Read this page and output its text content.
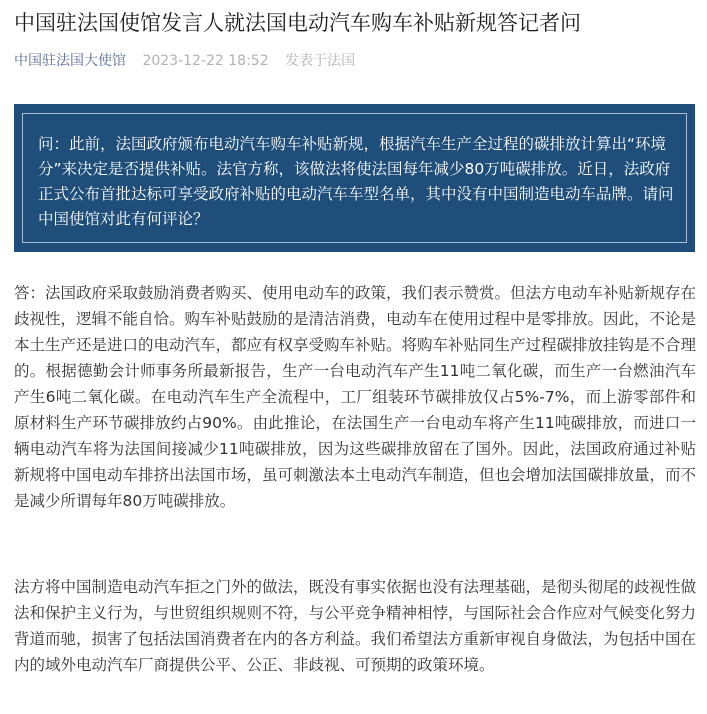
中国驻法国使馆发言人就法国电动汽车购车补贴新规答记者问
中国驻法国大使馆 2023-12-22 18:52 发表于法国

问：此前，法国政府颁布电动汽车购车补贴新规，根据汽车生产全过程的碳排放计算出“环境分”来决定是否提供补贴。法官方称，该做法将使法国每年减少80万吨碳排放。近日，法政府正式公布首批达标可享受政府补贴的电动汽车车型名单，其中没有中国制造电动车品牌。请问中国使馆对此有何评论？

答：法国政府采取鼓励消费者购买、使用电动车的政策，我们表示赞赏。但法方电动车补贴新规存在歧视性，逻辑不能自恰。购车补贴鼓励的是清洁消费，电动车在使用过程中是零排放。因此，不论是本土生产还是进口的电动汽车，都应有权享受购车补贴。将购车补贴同生产过程碳排放挂钩是不合理的。根据德勤会计师事务所最新报告，生产一台电动汽车产生11吨二氧化碳，而生产一台燃油汽车产生6吨二氧化碳。在电动汽车生产全流程中，工厂组装环节碳排放仅占5%-7%，而上游零部件和原材料生产环节碳排放约占90%。由此推论，在法国生产一台电动车将产生11吨碳排放，而进口一辆电动汽车将为法国间接减少11吨碳排放，因为这些碳排放留在了国外。因此，法国政府通过补贴新规将中国电动车排挤出法国市场，虽可刺激法本土电动汽车制造，但也会增加法国碳排放量，而不是减少所谓每年80万吨碳排放。

法方将中国制造电动汽车拒之门外的做法，既没有事实依据也没有法理基础，是彻头彻尾的歧视性做法和保护主义行为，与世贸组织规则不符，与公平竞争精神相悖，与国际社会合作应对气候变化努力背道而驰，损害了包括法国消费者在内的各方利益。我们希望法方重新审视自身做法，为包括中国在内的域外电动汽车厂商提供公平、公正、非歧视、可预期的政策环境。
